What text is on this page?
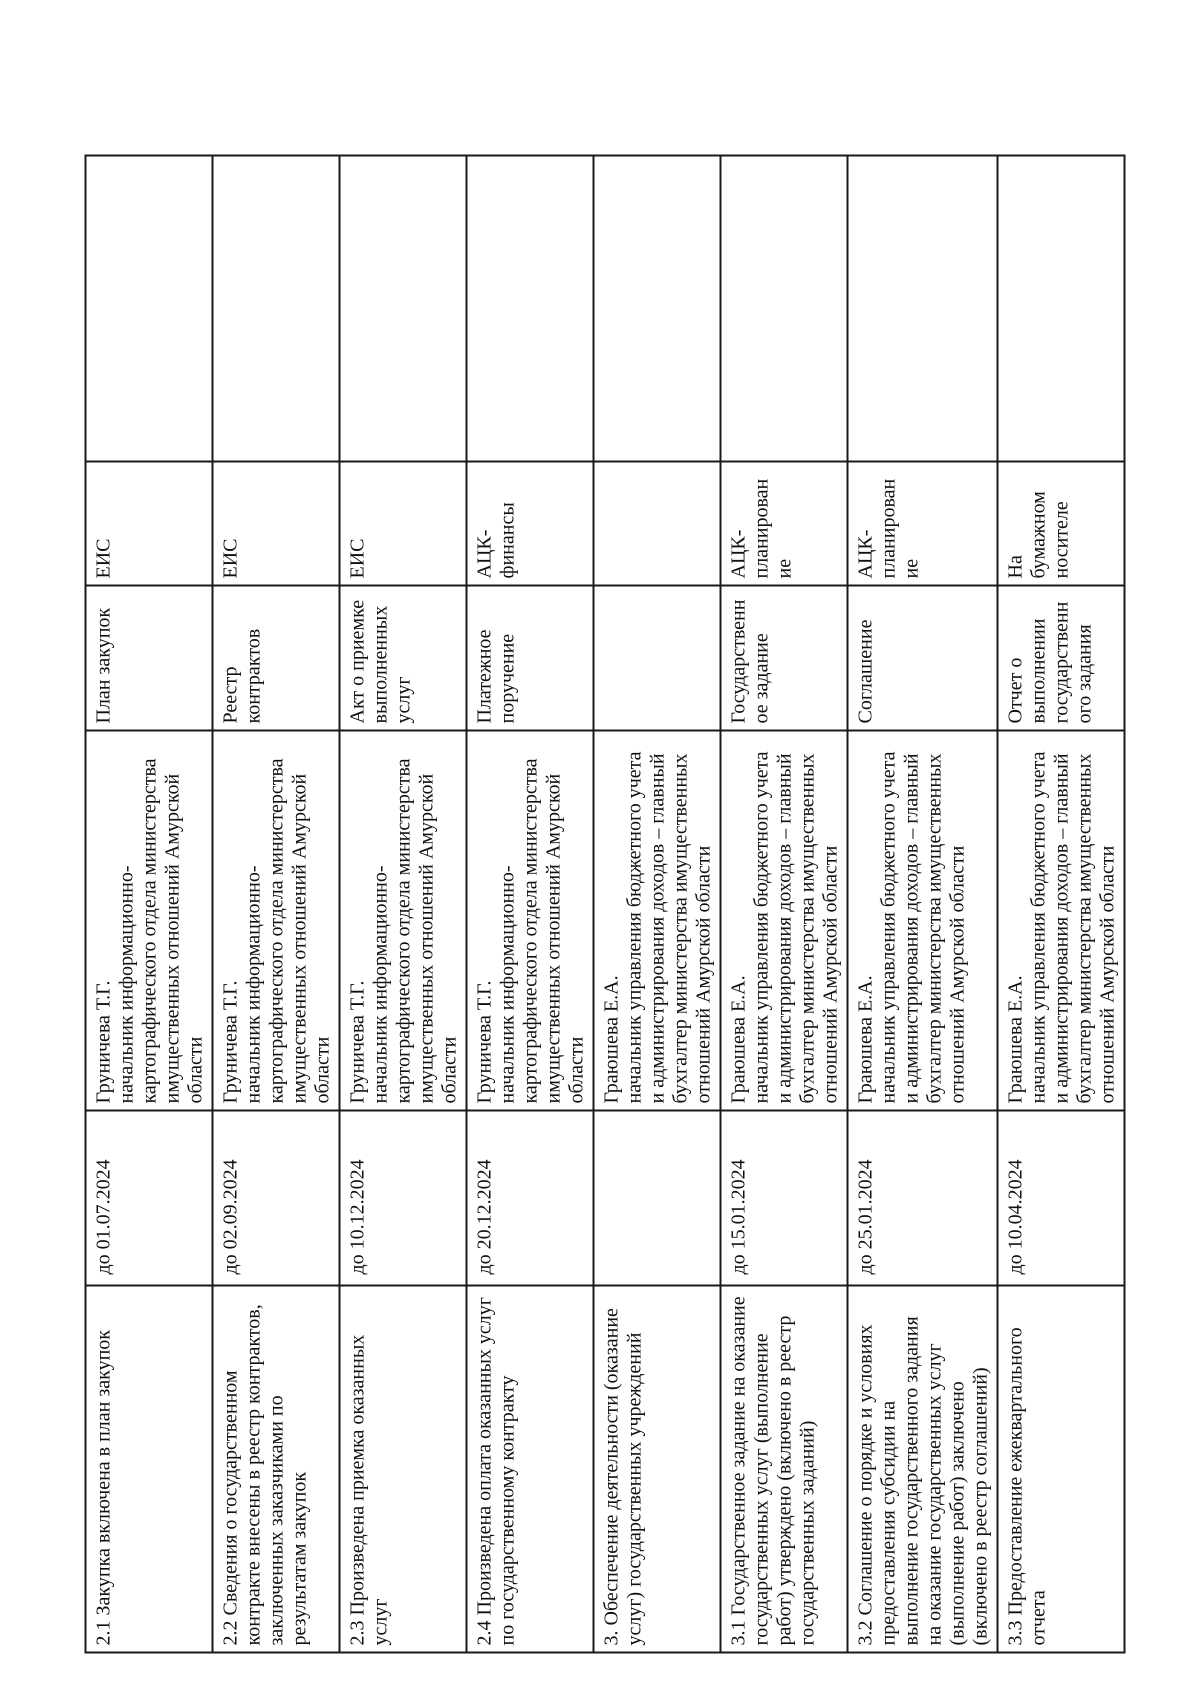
2.1 Закупка включена в план закупок	до 01.07.2024	Груничева Т.Г. начальник информационно-картографического отдела министерства имущественных отношений Амурской области	План закупок	ЕИС	
2.2 Сведения о государственном контракте внесены в реестр контрактов, заключенных заказчиками по результатам закупок	до 02.09.2024	Груничева Т.Г. начальник информационно-картографического отдела министерства имущественных отношений Амурской области	Реестр контрактов	ЕИС	
2.3 Произведена приемка оказанных услуг	до 10.12.2024	Груничева Т.Г. начальник информационно-картографического отдела министерства имущественных отношений Амурской области	Акт о приемке выполненных услуг	ЕИС	
2.4 Произведена оплата оказанных услуг по государственному контракту	до 20.12.2024	Груничева Т.Г. начальник информационно-картографического отдела министерства имущественных отношений Амурской области	Платежное поручение	АЦК-финансы	
3. Обеспечение деятельности (оказание услуг) государственных учреждений		Граюшева Е.А. начальник управления бюджетного учета и администрирования доходов – главный бухгалтер министерства имущественных отношений Амурской области			

3.1 Государственное задание на оказание государственных услуг (выполнение работ) утверждено (включено в реестр государственных заданий)	до 15.01.2024	Граюшева Е.А. начальник управления бюджетного учета и администрирования доходов – главный бухгалтер министерства имущественных отношений Амурской области	Государственное задание	АЦК-планирование	
3.2 Соглашение о порядке и условиях предоставления субсидии на выполнение государственного задания на оказание государственных услуг (выполнение работ) заключено (включено в реестр соглашений)	до 25.01.2024	Граюшева Е.А. начальник управления бюджетного учета и администрирования доходов – главный бухгалтер министерства имущественных отношений Амурской области	Соглашение	АЦК-планирование	
3.3 Предоставление ежеквартального отчета	до 10.04.2024	Граюшева Е.А. начальник управления бюджетного учета и администрирования доходов – главный бухгалтер министерства имущественных отношений Амурской области	Отчет о выполнении государственного задания	На бумажном носителе	
